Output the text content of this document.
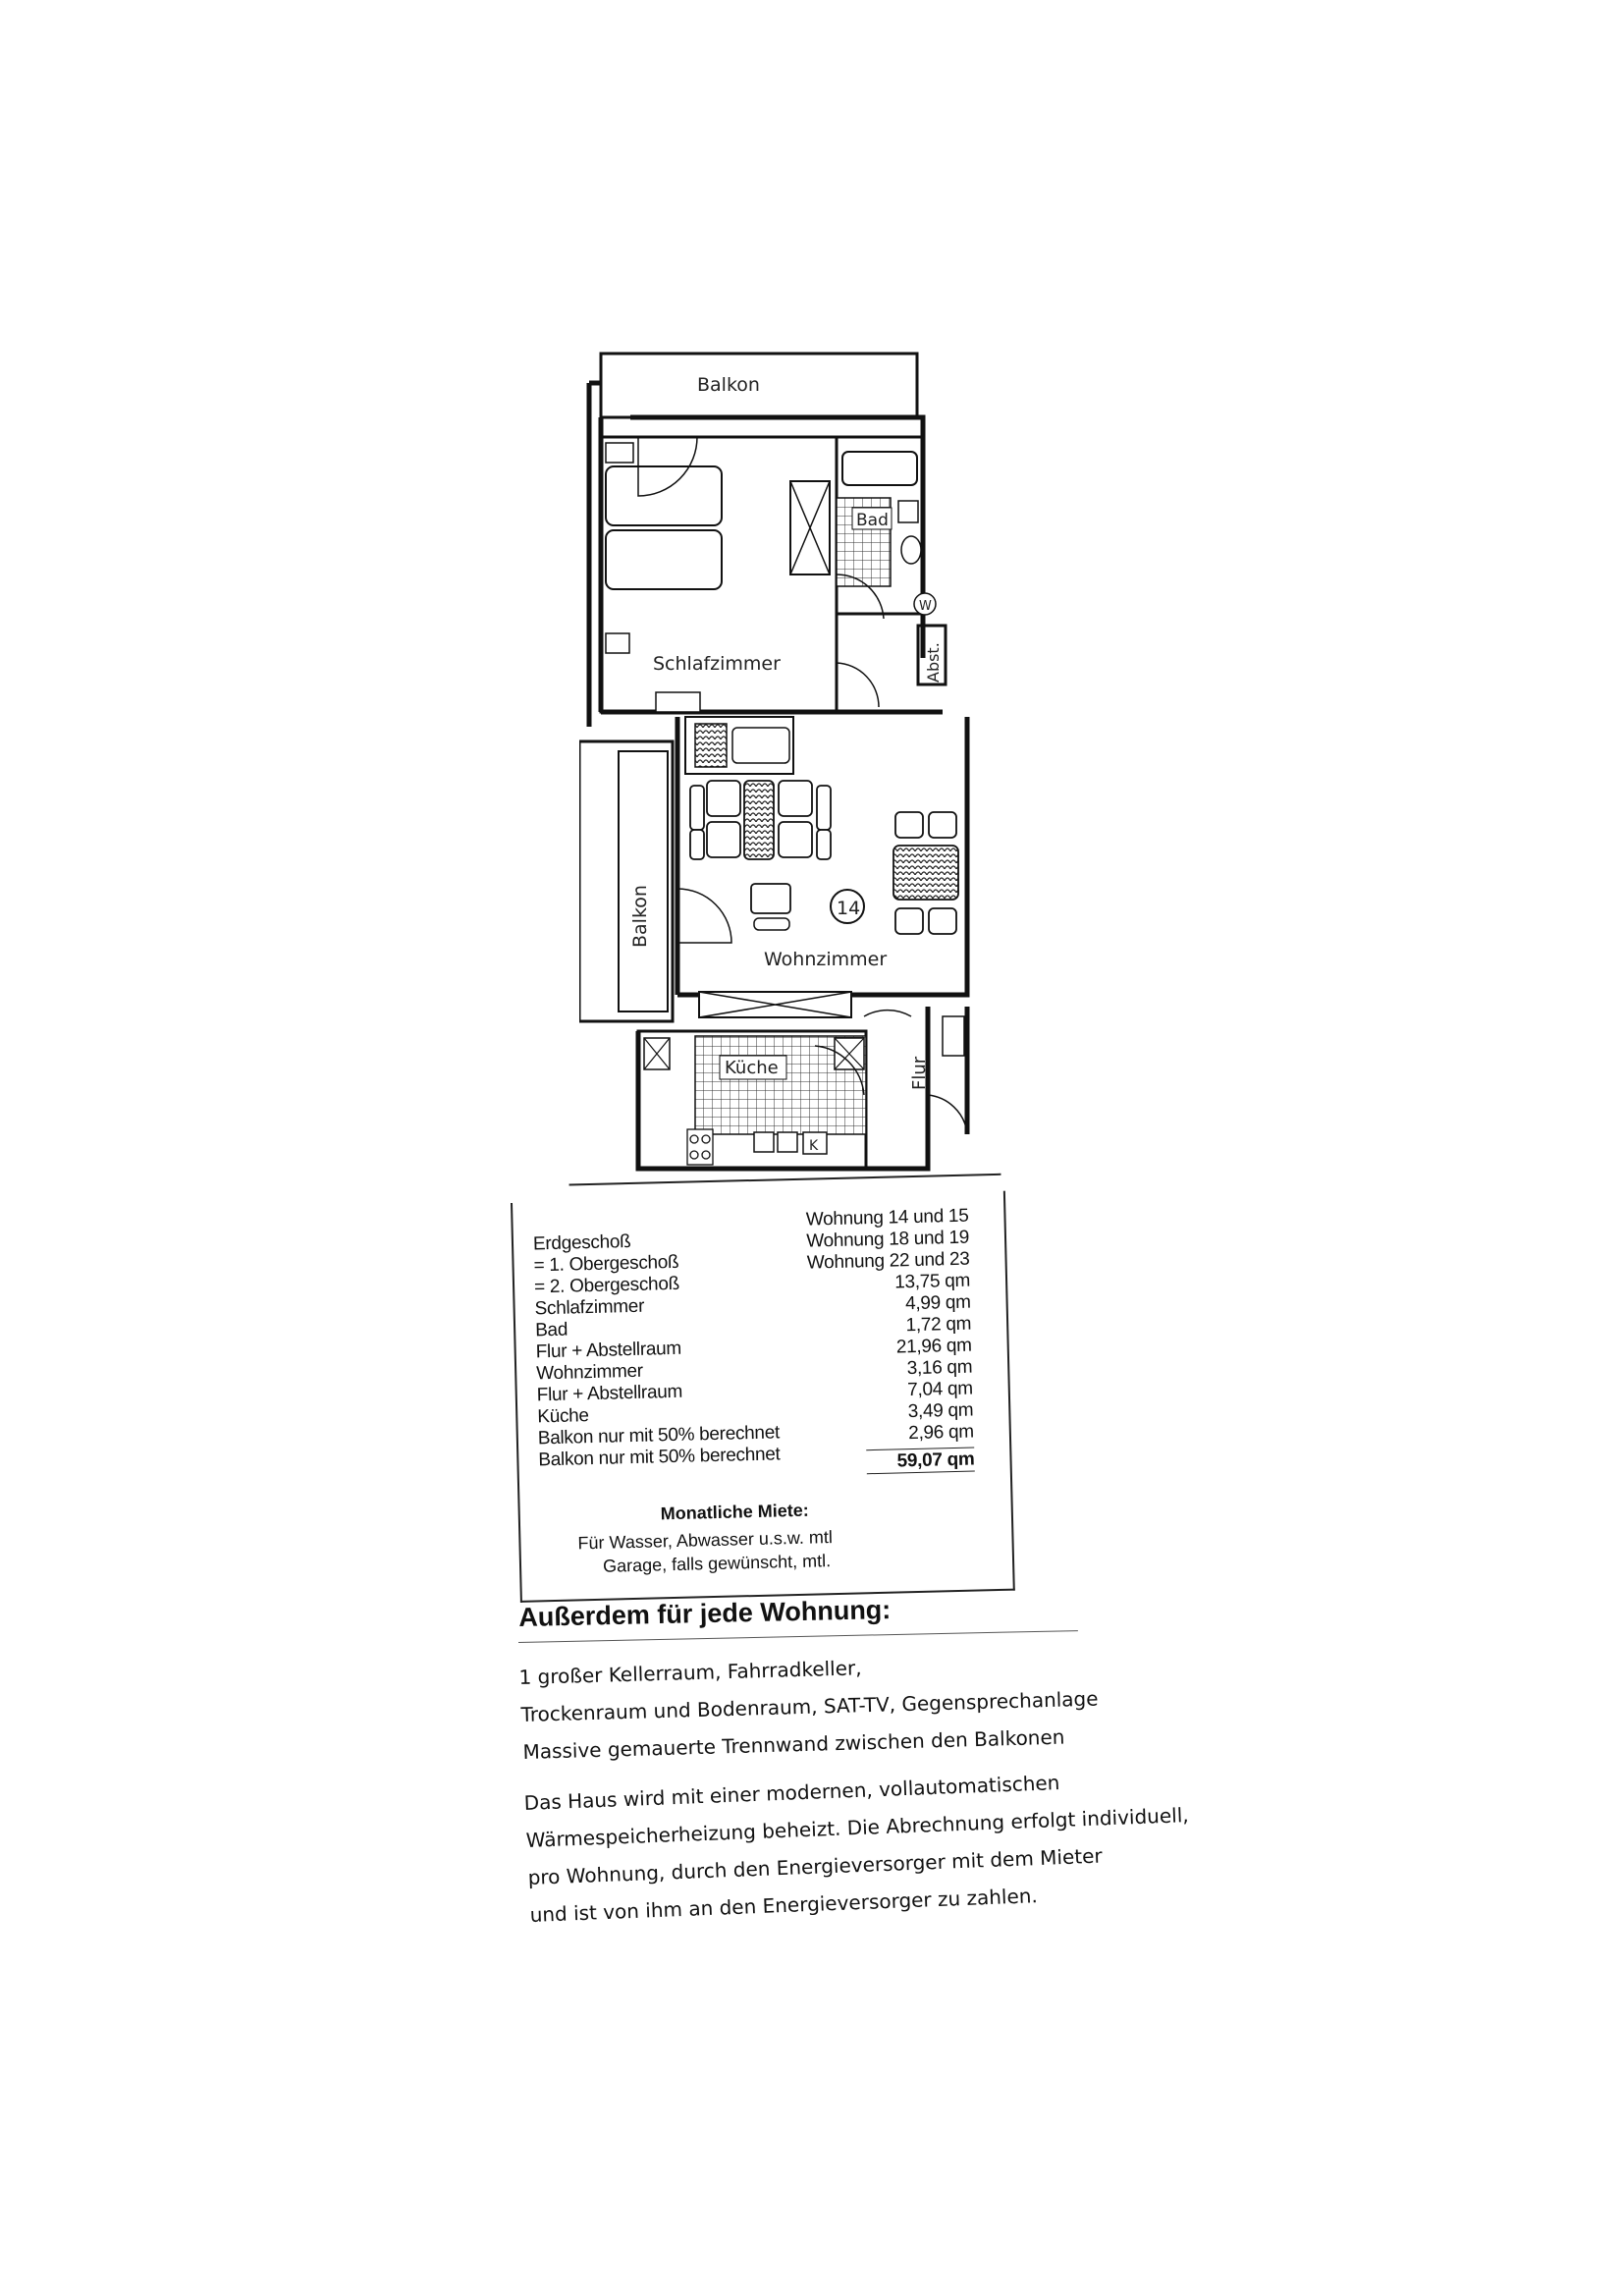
Balkon
Schlafzimmer
Bad
W
Abst.
Balkon	14
Wohnzimmer
Küche
K
Flur
Erdgeschoß
= 1. Obergeschoß
= 2. Obergeschoß
Wohnung 14 und 15
Wohnung 18 und 19
Wohnung 22 und 23
Schlafzimmer
Bad
Flur + Abstellraum
Wohnzimmer
Flur + Abstellraum
Küche
Balkon nur mit 50% berechnet
Balkon nur mit 50% berechnet
13,75 qm
4,99 qm
1,72 qm
21,96 qm
3,16 qm
7,04 qm
3,49 qm
2,96 qm
59,07 qm
Monatliche Miete:
Für Wasser, Abwasser u.s.w. mtl
Garage, falls gewünscht, mtl.
Außerdem für jede Wohnung:
1 großer Kellerraum, Fahrradkeller,
Trockenraum und Bodenraum, SAT-TV, Gegensprechanlage
Massive gemauerte Trennwand zwischen den Balkonen
Das Haus wird mit einer modernen, vollautomatischen
Wärmespeicherheizung beheizt. Die Abrechnung erfolgt individuell,
pro Wohnung, durch den Energieversorger mit dem Mieter
und ist von ihm an den Energieversorger zu zahlen.
